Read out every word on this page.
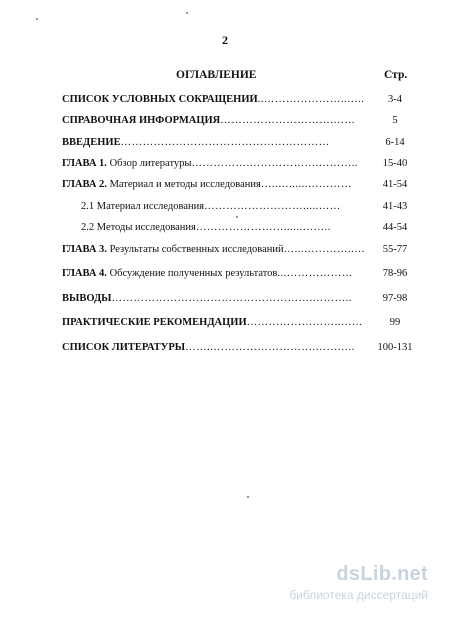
2
ОГЛАВЛЕНИЕ	Стр.
СПИСОК УСЛОВНЫХ СОКРАЩЕНИЙ..…………………..…..	3-4
СПРАВОЧНАЯ ИНФОРМАЦИЯ………………………….……	5
ВВЕДЕНИЕ…………………………………………………	6-14
ГЛАВА 1. Обзор литературы…………….……………….………..	15-40
ГЛАВА 2. Материал и методы исследования…..…......…………	41-54
2.1 Материал исследования……………………….....……	41-43
2.2 Методы исследования……………………......……..	44-54
ГЛАВА 3. Результаты собственных исследований…...…………..…	55-77
ГЛАВА 4. Обсуждение полученных результатов...………………	78-96
ВЫВОДЫ……………………………………………….………..	97-98
ПРАКТИЧЕСКИЕ РЕКОМЕНДАЦИИ……………………..……	99
СПИСОК ЛИТЕРАТУРЫ……..……………………….………..	100-131
dsLib.net
библиотека диссертаций
